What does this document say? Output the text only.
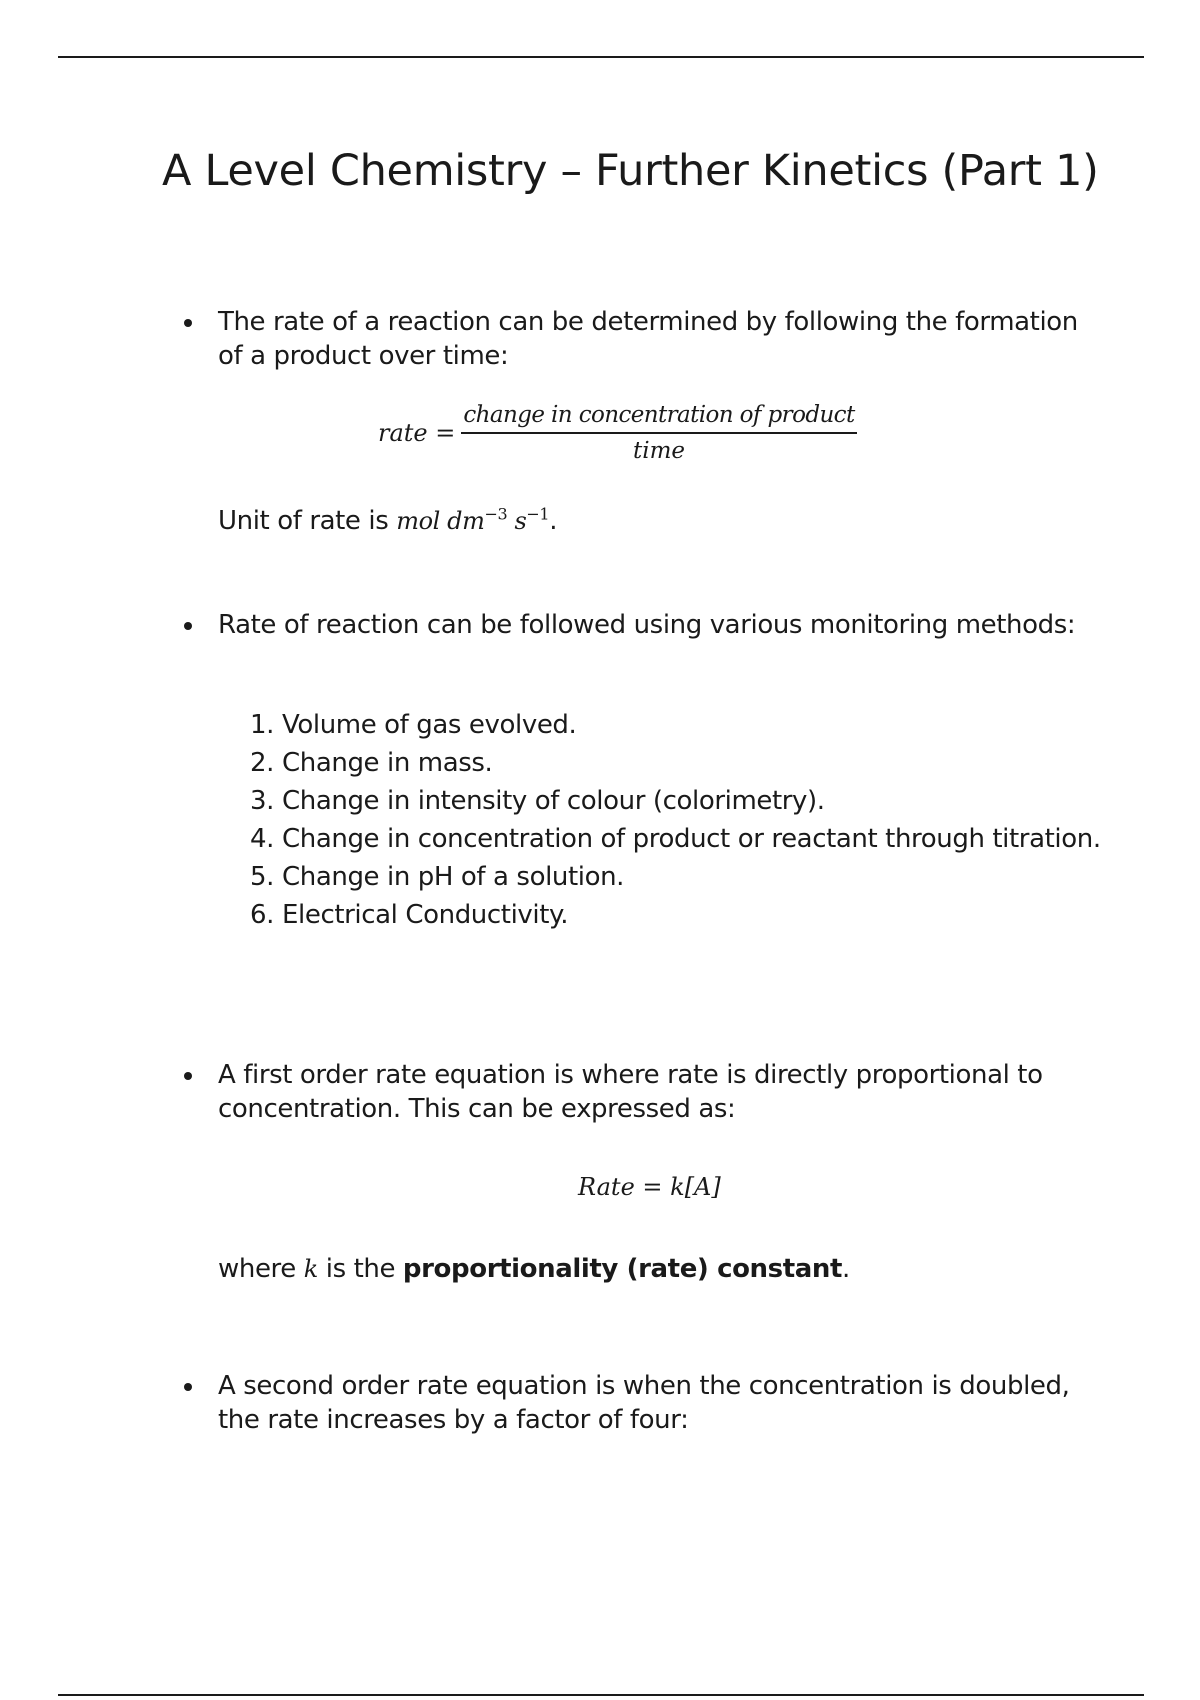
A Level Chemistry – Further Kinetics (Part 1)
The rate of a reaction can be determined by following the formation of a product over time:
rate = $\frac{\text{change in concentration of product}}{\text{time}}$
Unit of rate is mol $dm^{-3}$ $s^{-1}$.
Rate of reaction can be followed using various monitoring methods:
1. Volume of gas evolved.
2. Change in mass.
3. Change in intensity of colour (colorimetry).
4. Change in concentration of product or reactant through titration.
5. Change in pH of a solution.
6. Electrical Conductivity.
A first order rate equation is where rate is directly proportional to concentration. This can be expressed as:
Rate = k[A]
where k is the proportionality (rate) constant.
A second order rate equation is when the concentration is doubled, the rate increases by a factor of four:
